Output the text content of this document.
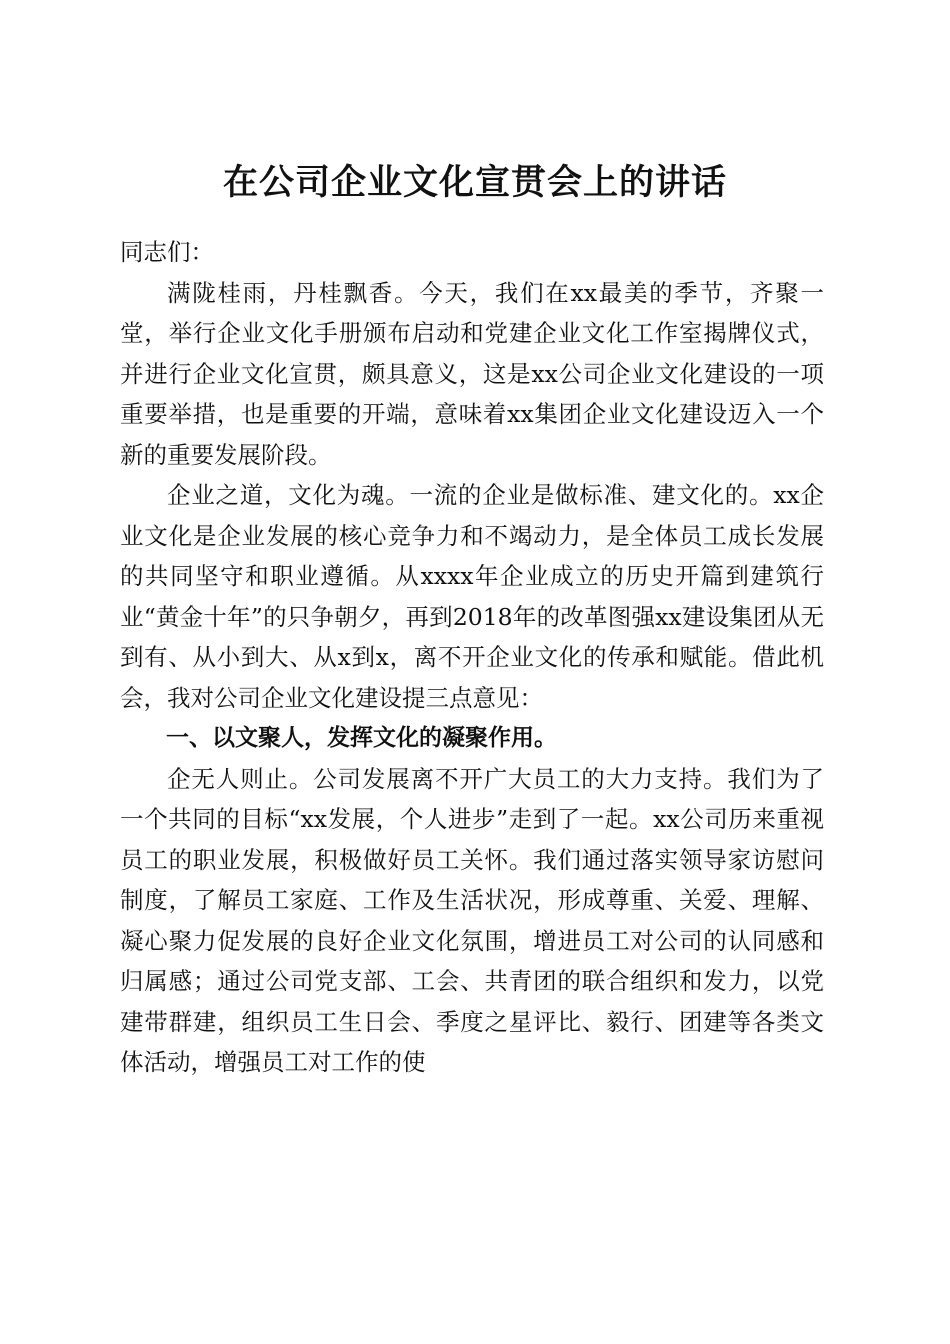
在公司企业文化宣贯会上的讲话

同志们：

满陇桂雨，丹桂飘香。今天，我们在xx最美的季节，齐聚一堂，举行企业文化手册颁布启动和党建企业文化工作室揭牌仪式，并进行企业文化宣贯，颇具意义，这是xx公司企业文化建设的一项重要举措，也是重要的开端，意味着xx集团企业文化建设迈入一个新的重要发展阶段。

企业之道，文化为魂。一流的企业是做标准、建文化的。xx企业文化是企业发展的核心竞争力和不竭动力，是全体员工成长发展的共同坚守和职业遵循。从xxxx年企业成立的历史开篇到建筑行业“黄金十年”的只争朝夕，再到2018年的改革图强xx建设集团从无到有、从小到大、从x到x，离不开企业文化的传承和赋能。借此机会，我对公司企业文化建设提三点意见：

一、以文聚人，发挥文化的凝聚作用。

企无人则止。公司发展离不开广大员工的大力支持。我们为了一个共同的目标“xx发展，个人进步”走到了一起。xx公司历来重视员工的职业发展，积极做好员工关怀。我们通过落实领导家访慰问制度，了解员工家庭、工作及生活状况，形成尊重、关爱、理解、凝心聚力促发展的良好企业文化氛围，增进员工对公司的认同感和归属感；通过公司党支部、工会、共青团的联合组织和发力，以党建带群建，组织员工生日会、季度之星评比、毅行、团建等各类文体活动，增强员工对工作的使
